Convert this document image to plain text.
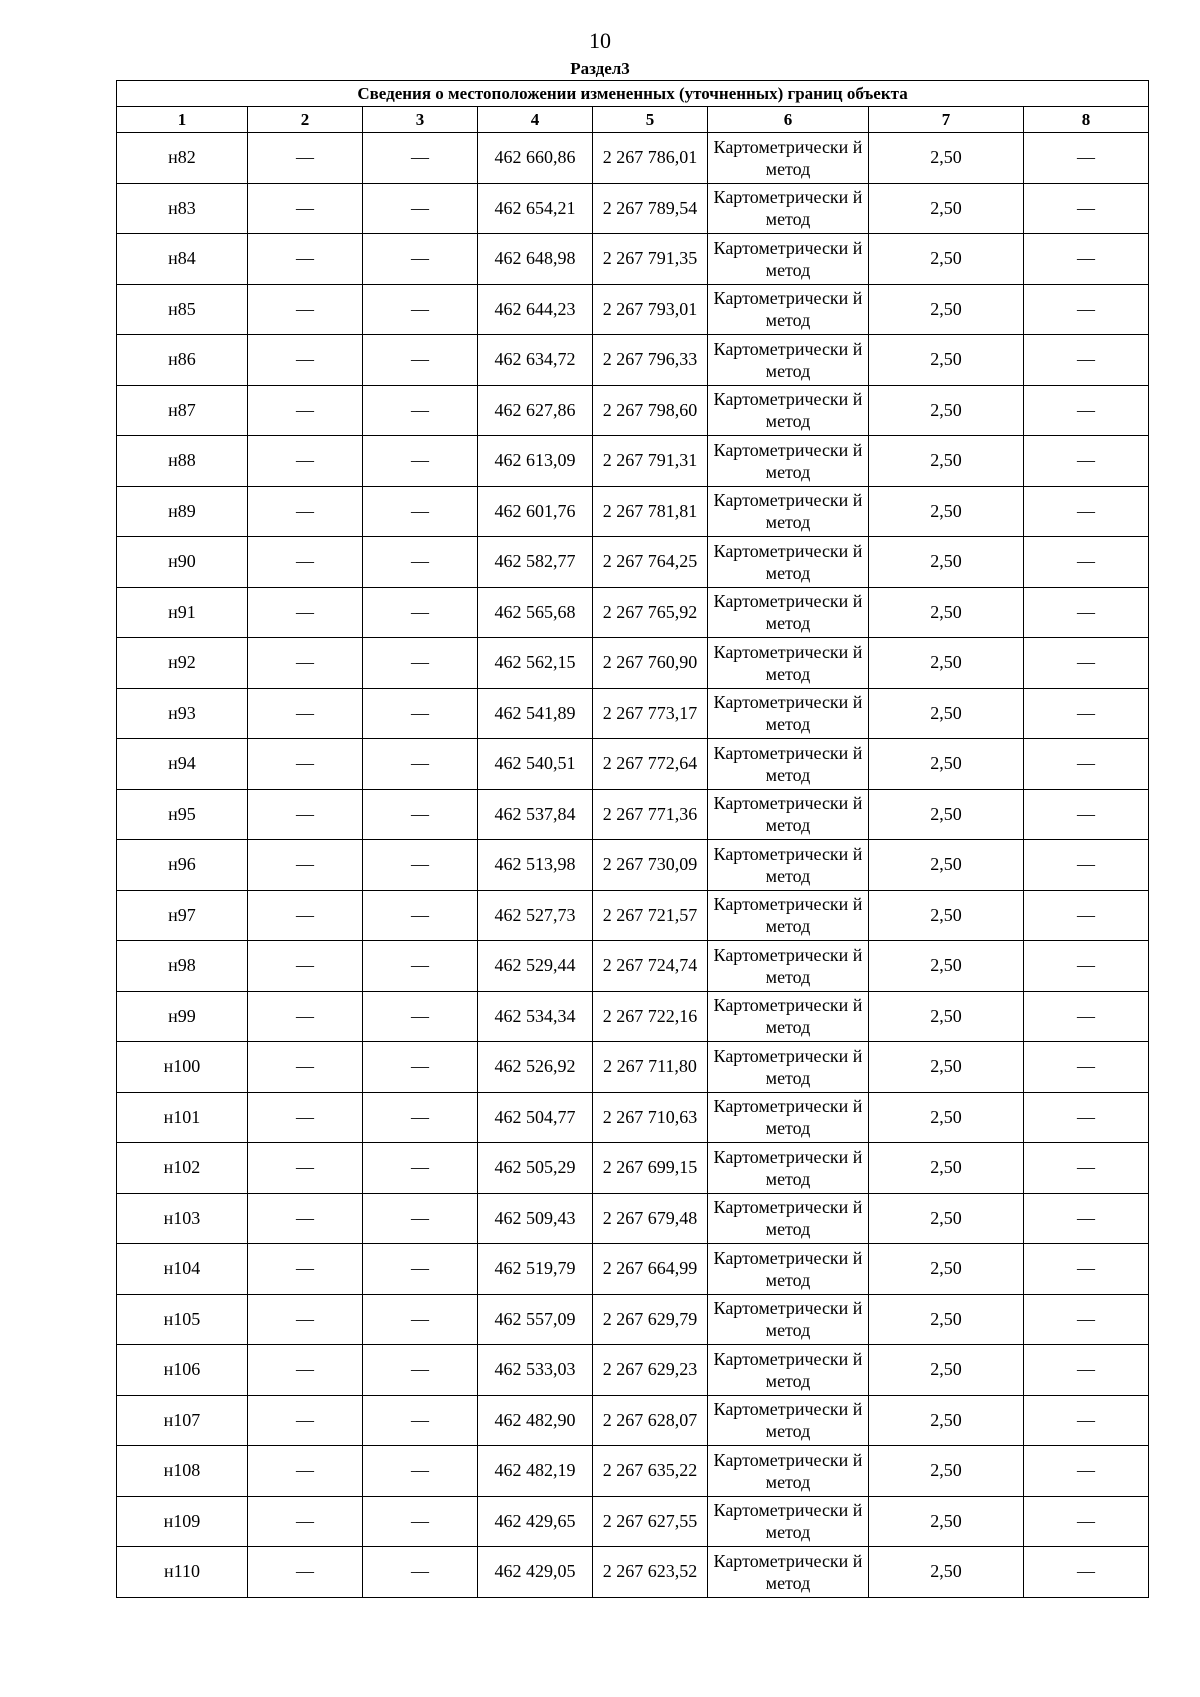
10
Раздел3
Сведения о местоположении измененных (уточненных) границ объекта							
1	2	3	4	5	6	7	8
н82	—	—	462 660,86	2 267 786,01	Картометрически й метод	2,50	—
н83	—	—	462 654,21	2 267 789,54	Картометрически й метод	2,50	—
н84	—	—	462 648,98	2 267 791,35	Картометрически й метод	2,50	—
н85	—	—	462 644,23	2 267 793,01	Картометрически й метод	2,50	—
н86	—	—	462 634,72	2 267 796,33	Картометрически й метод	2,50	—
н87	—	—	462 627,86	2 267 798,60	Картометрически й метод	2,50	—
н88	—	—	462 613,09	2 267 791,31	Картометрически й метод	2,50	—
н89	—	—	462 601,76	2 267 781,81	Картометрически й метод	2,50	—
н90	—	—	462 582,77	2 267 764,25	Картометрически й метод	2,50	—
н91	—	—	462 565,68	2 267 765,92	Картометрически й метод	2,50	—
н92	—	—	462 562,15	2 267 760,90	Картометрически й метод	2,50	—
н93	—	—	462 541,89	2 267 773,17	Картометрически й метод	2,50	—
н94	—	—	462 540,51	2 267 772,64	Картометрически й метод	2,50	—
н95	—	—	462 537,84	2 267 771,36	Картометрически й метод	2,50	—
н96	—	—	462 513,98	2 267 730,09	Картометрически й метод	2,50	—
н97	—	—	462 527,73	2 267 721,57	Картометрически й метод	2,50	—
н98	—	—	462 529,44	2 267 724,74	Картометрически й метод	2,50	—
н99	—	—	462 534,34	2 267 722,16	Картометрически й метод	2,50	—
н100	—	—	462 526,92	2 267 711,80	Картометрически й метод	2,50	—
н101	—	—	462 504,77	2 267 710,63	Картометрически й метод	2,50	—
н102	—	—	462 505,29	2 267 699,15	Картометрически й метод	2,50	—
н103	—	—	462 509,43	2 267 679,48	Картометрически й метод	2,50	—
н104	—	—	462 519,79	2 267 664,99	Картометрически й метод	2,50	—
н105	—	—	462 557,09	2 267 629,79	Картометрически й метод	2,50	—
н106	—	—	462 533,03	2 267 629,23	Картометрически й метод	2,50	—
н107	—	—	462 482,90	2 267 628,07	Картометрически й метод	2,50	—
н108	—	—	462 482,19	2 267 635,22	Картометрически й метод	2,50	—
н109	—	—	462 429,65	2 267 627,55	Картометрически й метод	2,50	—
н110	—	—	462 429,05	2 267 623,52	Картометрически й метод	2,50	—
